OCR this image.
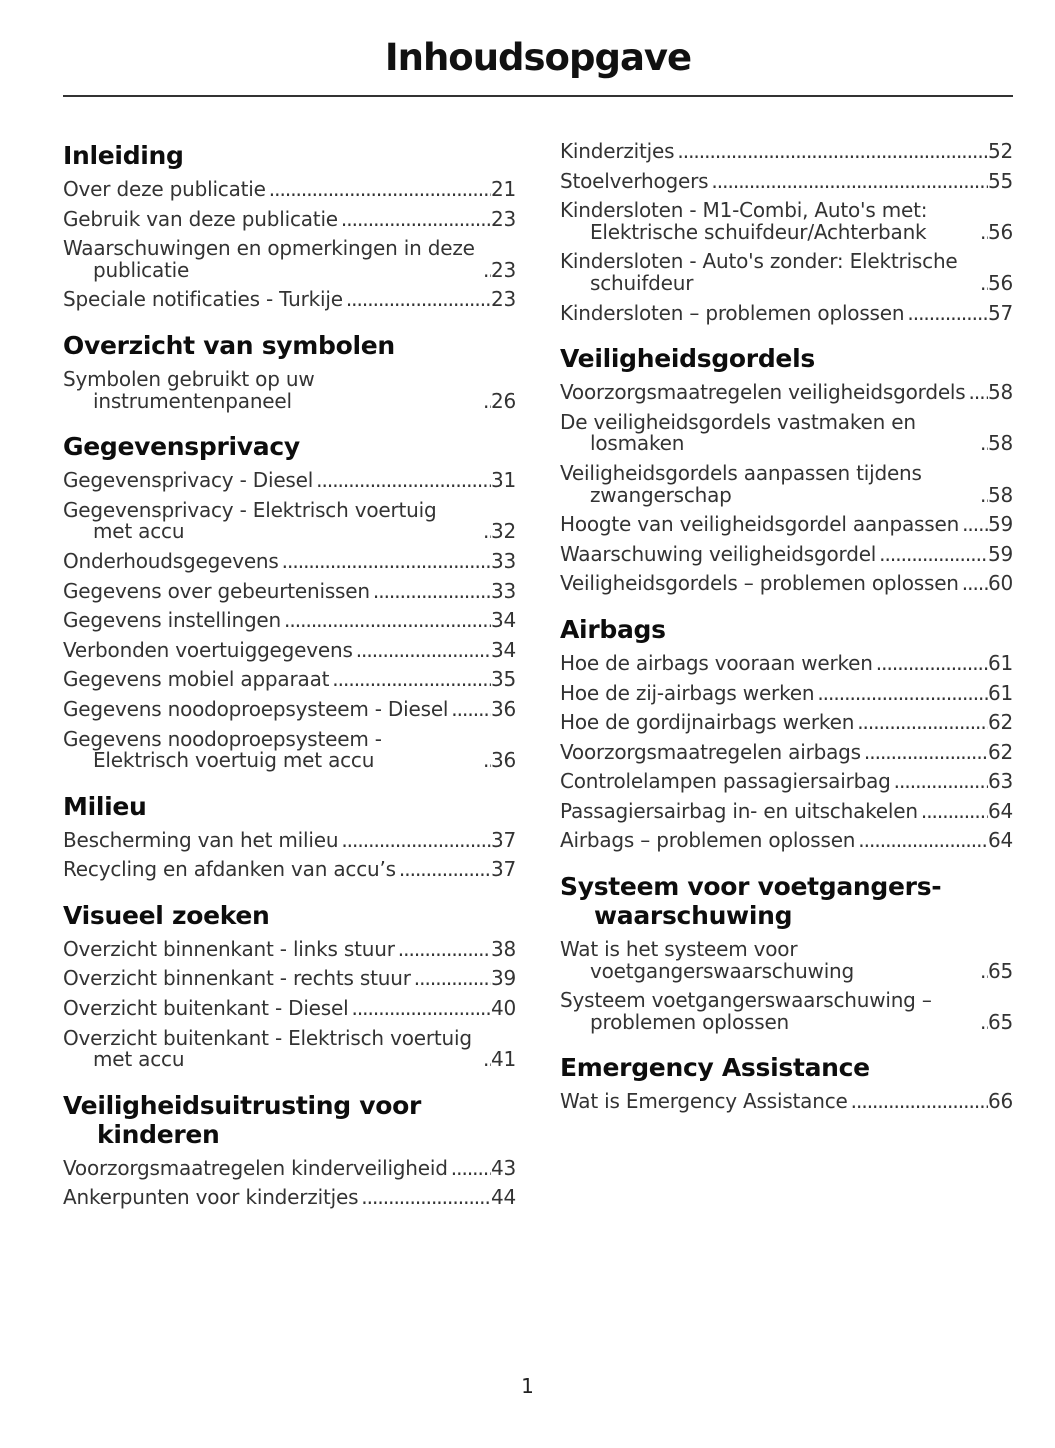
Inhoudsopgave
Inleiding
Over deze publicatie .....	21
Gebruik van deze publicatie .....	23
Waarschuwingen en opmerkingen in deze publicatie .....	23
Speciale notificaties - Turkije .....	23
Overzicht van symbolen
Symbolen gebruikt op uw instrumentenpaneel .....	26
Gegevensprivacy
Gegevensprivacy - Diesel .....	31
Gegevensprivacy - Elektrisch voertuig met accu .....	32
Onderhoudsgegevens .....	33
Gegevens over gebeurtenissen .....	33
Gegevens instellingen .....	34
Verbonden voertuiggegevens .....	34
Gegevens mobiel apparaat .....	35
Gegevens noodoproepsysteem - Diesel ..... 36
Gegevens noodoproepsysteem - Elektrisch voertuig met accu .....	36
Milieu
Bescherming van het milieu .....	37
Recycling en afdanken van accu’s .....	37
Visueel zoeken
Overzicht binnenkant - links stuur .....	38
Overzicht binnenkant - rechts stuur .....	39
Overzicht buitenkant - Diesel .....	40
Overzicht buitenkant - Elektrisch voertuig met accu .....	41
Veiligheidsuitrusting voor kinderen
Voorzorgsmaatregelen kinderveiligheid ..... 43
Ankerpunten voor kinderzitjes .....	44
Kinderzitjes .....	52
Stoelverhogers .....	55
Kindersloten - M1-Combi, Auto's met: Elektrische schuifdeur/Achterbank .....	56
Kindersloten - Auto's zonder: Elektrische schuifdeur .....	56
Kindersloten – problemen oplossen .....	57
Veiligheidsgordels
Voorzorgsmaatregelen veiligheidsgordels ..... 58
De veiligheidsgordels vastmaken en losmaken .....	58
Veiligheidsgordels aanpassen tijdens zwangerschap .....	58
Hoogte van veiligheidsgordel aanpassen ..... 59
Waarschuwing veiligheidsgordel .....	59
Veiligheidsgordels – problemen oplossen ..... 60
Airbags
Hoe de airbags vooraan werken .....	61
Hoe de zij-airbags werken .....	61
Hoe de gordijnairbags werken .....	62
Voorzorgsmaatregelen airbags .....	62
Controlelampen passagiersairbag .....	63
Passagiersairbag in- en uitschakelen .....	64
Airbags – problemen oplossen .....	64
Systeem voor voetgangers-waarschuwing
Wat is het systeem voor voetgangerswaarschuwing .....	65
Systeem voetgangerswaarschuwing – problemen oplossen .....	65
Emergency Assistance
Wat is Emergency Assistance .....	66
1
